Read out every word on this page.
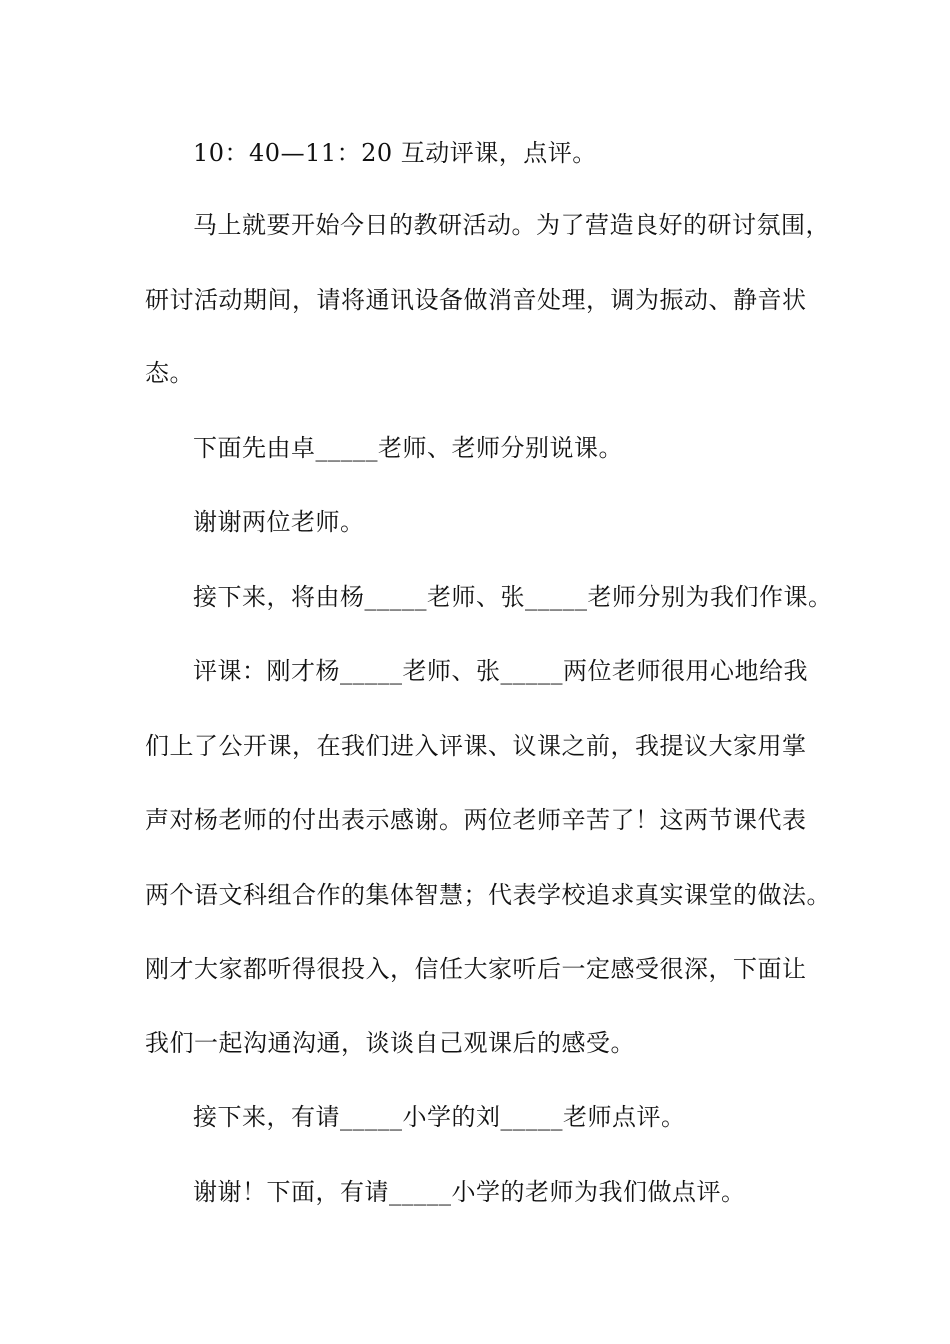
10：40—11：20 互动评课，点评。
马上就要开始今日的教研活动。为了营造良好的研讨氛围，
研讨活动期间，请将通讯设备做消音处理，调为振动、静音状
态。
下面先由卓_____老师、老师分别说课。
谢谢两位老师。
接下来，将由杨_____老师、张_____老师分别为我们作课。
评课：刚才杨_____老师、张_____两位老师很用心地给我
们上了公开课，在我们进入评课、议课之前，我提议大家用掌
声对杨老师的付出表示感谢。两位老师辛苦了！这两节课代表
两个语文科组合作的集体智慧；代表学校追求真实课堂的做法。
刚才大家都听得很投入，信任大家听后一定感受很深，下面让
我们一起沟通沟通，谈谈自己观课后的感受。
接下来，有请_____小学的刘_____老师点评。
谢谢！下面，有请_____小学的老师为我们做点评。
